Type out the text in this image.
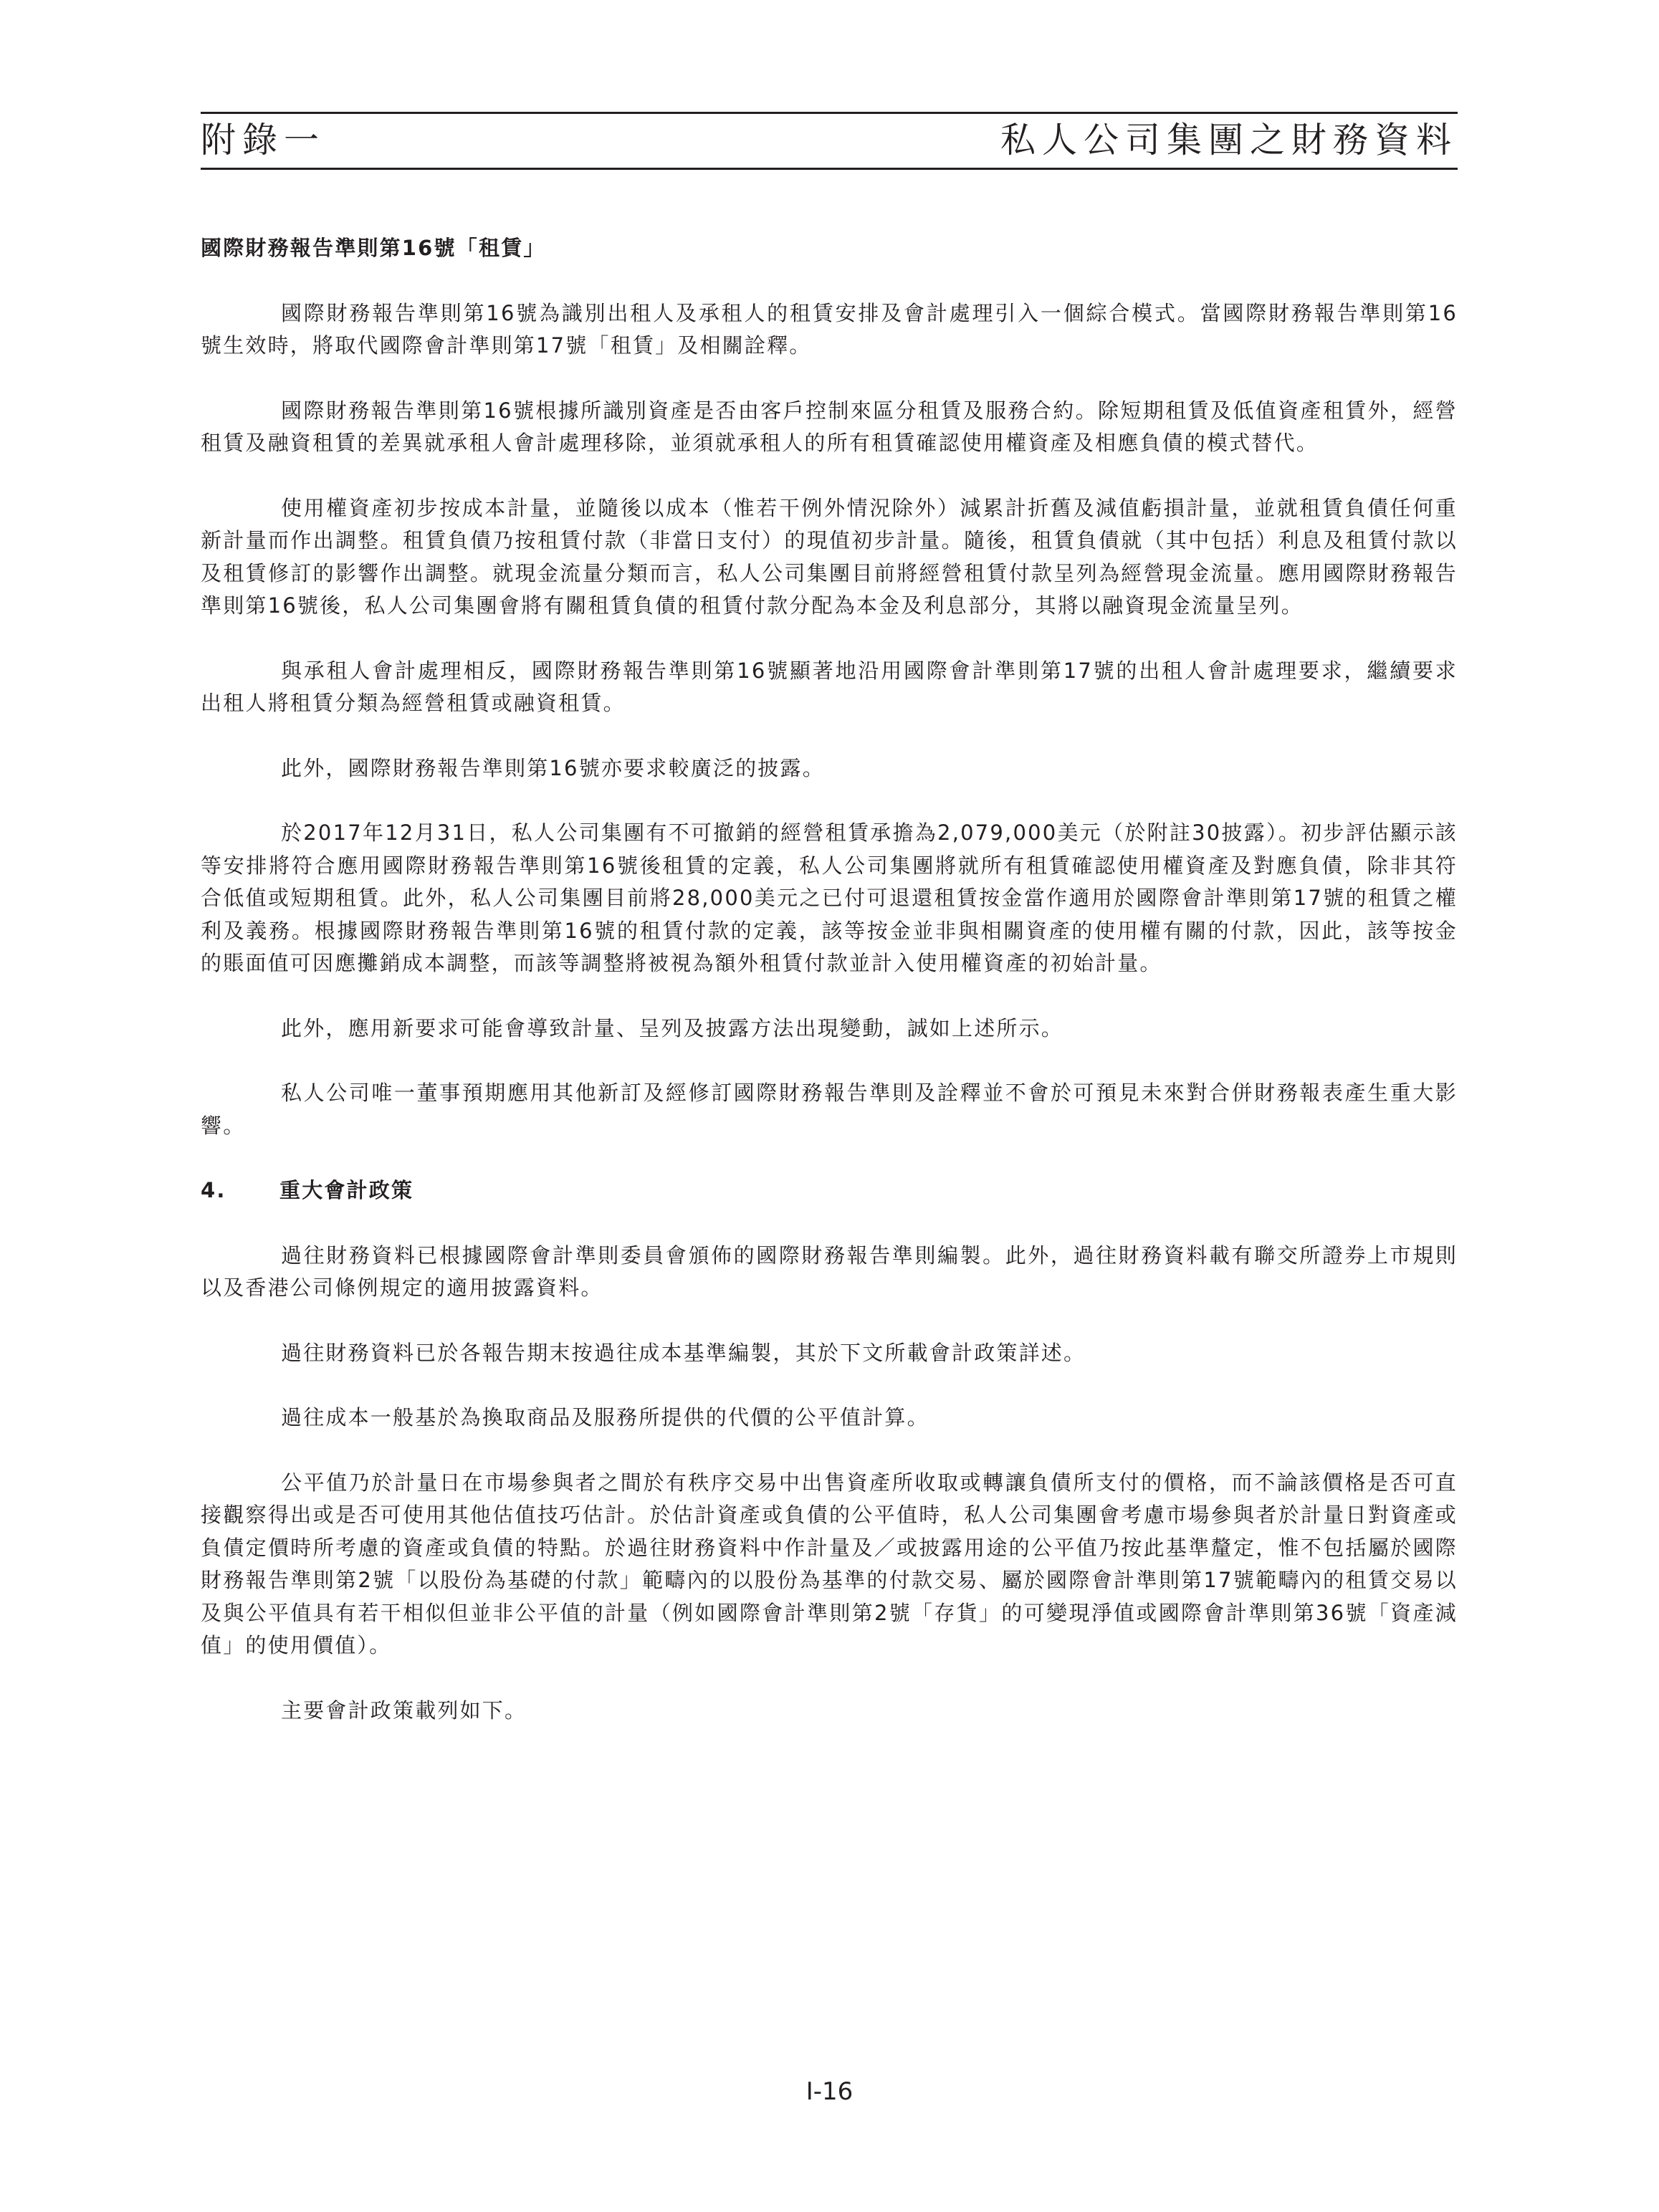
附錄一	私人公司集團之財務資料

國際財務報告準則第16號「租賃」

國際財務報告準則第16號為識別出租人及承租人的租賃安排及會計處理引入一個綜合模式。當國際財務報告準則第16號生效時，將取代國際會計準則第17號「租賃」及相關詮釋。

國際財務報告準則第16號根據所識別資產是否由客戶控制來區分租賃及服務合約。除短期租賃及低值資產租賃外，經營租賃及融資租賃的差異就承租人會計處理移除，並須就承租人的所有租賃確認使用權資產及相應負債的模式替代。

使用權資產初步按成本計量，並隨後以成本（惟若干例外情況除外）減累計折舊及減值虧損計量，並就租賃負債任何重新計量而作出調整。租賃負債乃按租賃付款（非當日支付）的現值初步計量。隨後，租賃負債就（其中包括）利息及租賃付款以及租賃修訂的影響作出調整。就現金流量分類而言，私人公司集團目前將經營租賃付款呈列為經營現金流量。應用國際財務報告準則第16號後，私人公司集團會將有關租賃負債的租賃付款分配為本金及利息部分，其將以融資現金流量呈列。

與承租人會計處理相反，國際財務報告準則第16號顯著地沿用國際會計準則第17號的出租人會計處理要求，繼續要求出租人將租賃分類為經營租賃或融資租賃。

此外，國際財務報告準則第16號亦要求較廣泛的披露。

於2017年12月31日，私人公司集團有不可撤銷的經營租賃承擔為2,079,000美元（於附註30披露）。初步評估顯示該等安排將符合應用國際財務報告準則第16號後租賃的定義，私人公司集團將就所有租賃確認使用權資產及對應負債，除非其符合低值或短期租賃。此外，私人公司集團目前將28,000美元之已付可退還租賃按金當作適用於國際會計準則第17號的租賃之權利及義務。根據國際財務報告準則第16號的租賃付款的定義，該等按金並非與相關資產的使用權有關的付款，因此，該等按金的賬面值可因應攤銷成本調整，而該等調整將被視為額外租賃付款並計入使用權資產的初始計量。

此外，應用新要求可能會導致計量、呈列及披露方法出現變動，誠如上述所示。

私人公司唯一董事預期應用其他新訂及經修訂國際財務報告準則及詮釋並不會於可預見未來對合併財務報表產生重大影響。

4.	重大會計政策

過往財務資料已根據國際會計準則委員會頒佈的國際財務報告準則編製。此外，過往財務資料載有聯交所證券上市規則以及香港公司條例規定的適用披露資料。

過往財務資料已於各報告期末按過往成本基準編製，其於下文所載會計政策詳述。

過往成本一般基於為換取商品及服務所提供的代價的公平值計算。

公平值乃於計量日在市場參與者之間於有秩序交易中出售資產所收取或轉讓負債所支付的價格，而不論該價格是否可直接觀察得出或是否可使用其他估值技巧估計。於估計資產或負債的公平值時，私人公司集團會考慮市場參與者於計量日對資產或負債定價時所考慮的資產或負債的特點。於過往財務資料中作計量及／或披露用途的公平值乃按此基準釐定，惟不包括屬於國際財務報告準則第2號「以股份為基礎的付款」範疇內的以股份為基準的付款交易、屬於國際會計準則第17號範疇內的租賃交易以及與公平值具有若干相似但並非公平值的計量（例如國際會計準則第2號「存貨」的可變現淨值或國際會計準則第36號「資產減值」的使用價值）。

主要會計政策載列如下。

I-16
